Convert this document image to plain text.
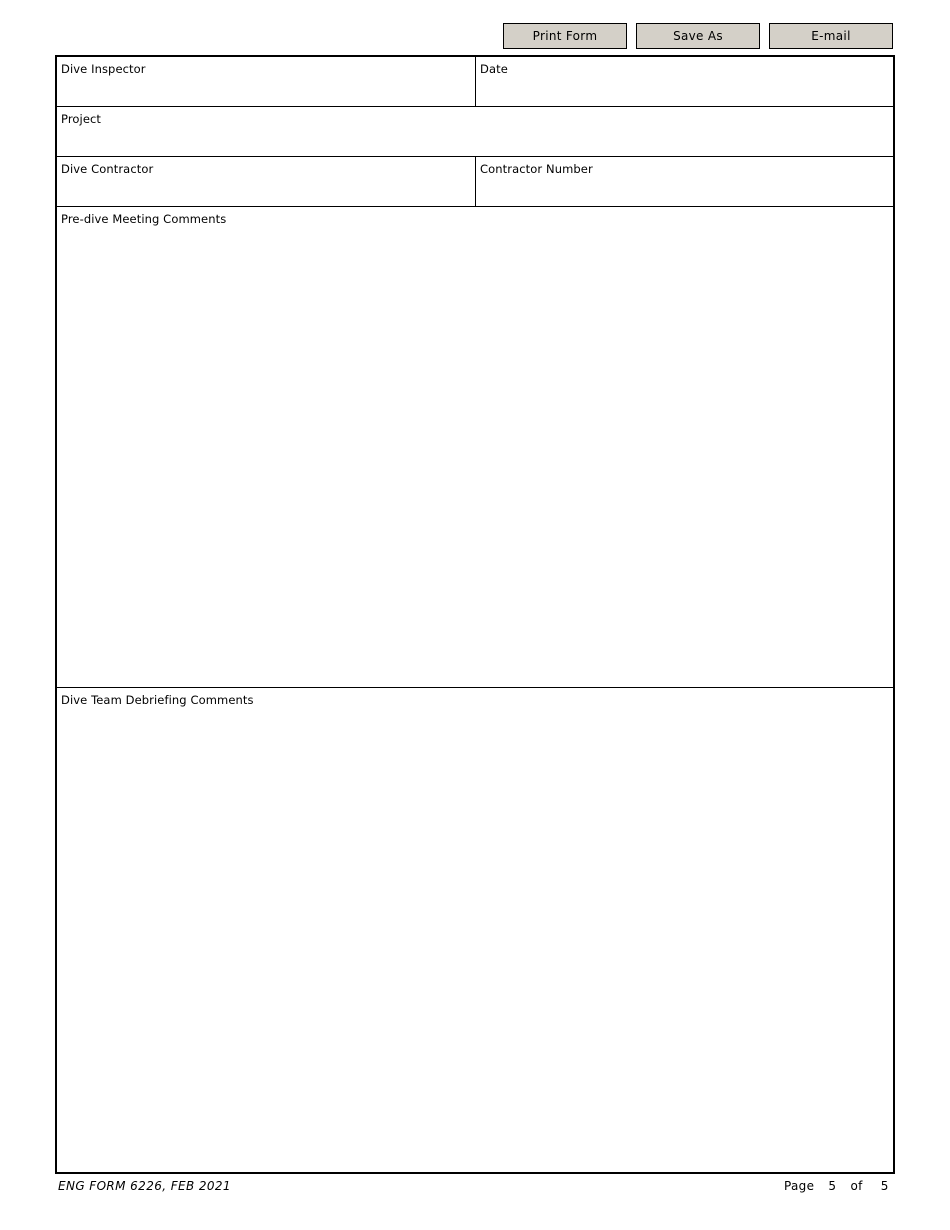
Print Form	Save As	E-mail
Dive Inspector	Date
Project
Dive Contractor	Contractor Number
Pre-dive Meeting Comments
Dive Team Debriefing Comments
ENG FORM 6226, FEB 2021	Page 5 of 5
